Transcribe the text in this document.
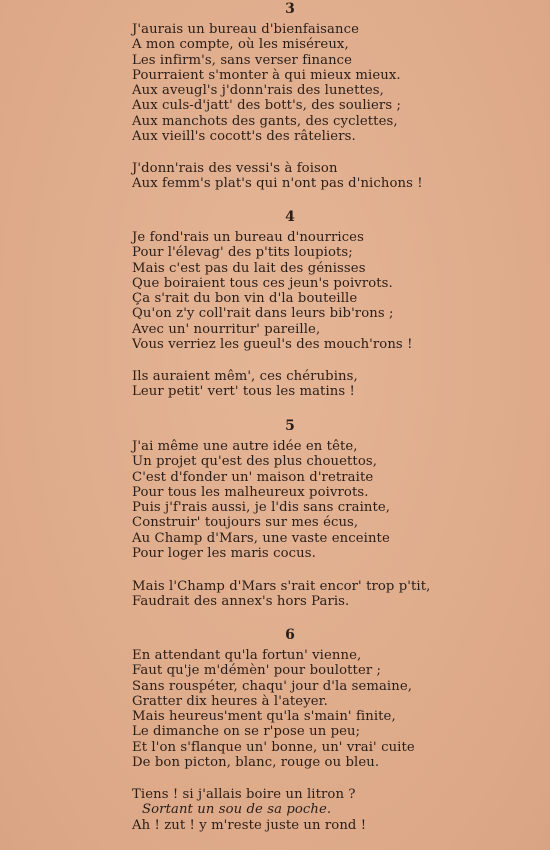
3
J'aurais un bureau d'bienfaisance
A mon compte, où les miséreux,
Les infirm's, sans verser finance
Pourraient s'monter à qui mieux mieux.
Aux aveugl's j'donn'rais des lunettes,
Aux culs-d'jatt' des bott's, des souliers ;
Aux manchots des gants, des cyclettes,
Aux vieill's cocott's des râteliers.
J'donn'rais des vessi's à foison
Aux femm's plat's qui n'ont pas d'nichons !
4
Je fond'rais un bureau d'nourrices
Pour l'élevag' des p'tits loupiots;
Mais c'est pas du lait des génisses
Que boiraient tous ces jeun's poivrots.
Ça s'rait du bon vin d'la bouteille
Qu'on z'y coll'rait dans leurs bib'rons ;
Avec un' nourritur' pareille,
Vous verriez les gueul's des mouch'rons !
Ils auraient mêm', ces chérubins,
Leur petit' vert' tous les matins !
5
J'ai même une autre idée en tête,
Un projet qu'est des plus chouettos,
C'est d'fonder un' maison d'retraite
Pour tous les malheureux poivrots.
Puis j'f'rais aussi, je l'dis sans crainte,
Construir' toujours sur mes écus,
Au Champ d'Mars, une vaste enceinte
Pour loger les maris cocus.
Mais l'Champ d'Mars s'rait encor' trop p'tit,
Faudrait des annex's hors Paris.
6
En attendant qu'la fortun' vienne,
Faut qu'je m'démèn' pour boulotter ;
Sans rouspéter, chaqu' jour d'la semaine,
Gratter dix heures à l'ateyer.
Mais heureus'ment qu'la s'main' finite,
Le dimanche on se r'pose un peu;
Et l'on s'flanque un' bonne, un' vrai' cuite
De bon picton, blanc, rouge ou bleu.
Tiens ! si j'allais boire un litron ?
Sortant un sou de sa poche.
Ah ! zut ! y m'reste juste un rond !
